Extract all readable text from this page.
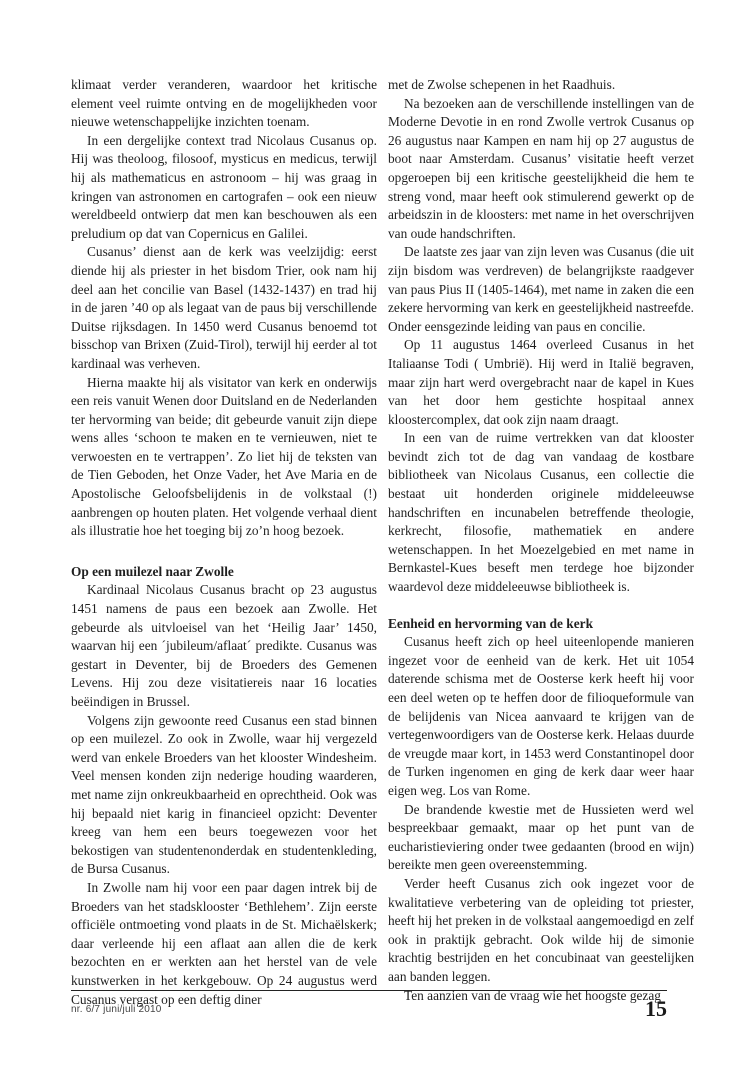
klimaat verder veranderen, waardoor het kritische element veel ruimte ontving en de mogelijkheden voor nieuwe wetenschappelijke inzichten toenam.

In een dergelijke context trad Nicolaus Cusanus op. Hij was theoloog, filosoof, mysticus en medicus, terwijl hij als mathematicus en astronoom – hij was graag in kringen van astronomen en cartografen – ook een nieuw wereldbeeld ontwierp dat men kan beschouwen als een preludium op dat van Copernicus en Galilei.

Cusanus’ dienst aan de kerk was veelzijdig: eerst diende hij als priester in het bisdom Trier, ook nam hij deel aan het concilie van Basel (1432-1437) en trad hij in de jaren ’40 op als legaat van de paus bij verschillende Duitse rijksdagen. In 1450 werd Cusanus benoemd tot bisschop van Brixen (Zuid-Tirol), terwijl hij eerder al tot kardinaal was verheven.

Hierna maakte hij als visitator van kerk en onderwijs een reis vanuit Wenen door Duitsland en de Nederlanden ter hervorming van beide; dit gebeurde vanuit zijn diepe wens alles ‘schoon te maken en te vernieuwen, niet te verwoesten en te vertrappen’. Zo liet hij de teksten van de Tien Geboden, het Onze Vader, het Ave Maria en de Apostolische Geloofsbelijdenis in de volkstaal (!) aanbrengen op houten platen. Het volgende verhaal dient als illustratie hoe het toeging bij zo’n hoog bezoek.

Op een muilezel naar Zwolle

Kardinaal Nicolaus Cusanus bracht op 23 augustus 1451 namens de paus een bezoek aan Zwolle. Het gebeurde als uitvloeisel van het ‘Heilig Jaar’ 1450, waarvan hij een ´jubileum/aflaat´ predikte. Cusanus was gestart in Deventer, bij de Broeders des Gemenen Levens. Hij zou deze visitatiereis naar 16 locaties beëindigen in Brussel.

Volgens zijn gewoonte reed Cusanus een stad binnen op een muilezel. Zo ook in Zwolle, waar hij vergezeld werd van enkele Broeders van het klooster Windesheim. Veel mensen konden zijn nederige houding waarderen, met name zijn onkreukbaarheid en oprechtheid. Ook was hij bepaald niet karig in financieel opzicht: Deventer kreeg van hem een beurs toegewezen voor het bekostigen van studentenonderdak en studentenkleding, de Bursa Cusanus.

In Zwolle nam hij voor een paar dagen intrek bij de Broeders van het stadsklooster ‘Bethlehem’. Zijn eerste officiële ontmoeting vond plaats in de St. Michaëlskerk; daar verleende hij een aflaat aan allen die de kerk bezochten en er werkten aan het herstel van de vele kunstwerken in het kerkgebouw. Op 24 augustus werd Cusanus vergast op een deftig diner

met de Zwolse schepenen in het Raadhuis.

Na bezoeken aan de verschillende instellingen van de Moderne Devotie in en rond Zwolle vertrok Cusanus op 26 augustus naar Kampen en nam hij op 27 augustus de boot naar Amsterdam. Cusanus’ visitatie heeft verzet opgeroepen bij een kritische geestelijkheid die hem te streng vond, maar heeft ook stimulerend gewerkt op de arbeidszin in de kloosters: met name in het overschrijven van oude handschriften.

De laatste zes jaar van zijn leven was Cusanus (die uit zijn bisdom was verdreven) de belangrijkste raadgever van paus Pius II (1405-1464), met name in zaken die een zekere hervorming van kerk en geestelijkheid nastreefde. Onder eensgezinde leiding van paus en concilie.

Op 11 augustus 1464 overleed Cusanus in het Italiaanse Todi ( Umbrië). Hij werd in Italië begraven, maar zijn hart werd overgebracht naar de kapel in Kues van het door hem gestichte hospitaal annex kloostercomplex, dat ook zijn naam draagt.

In een van de ruime vertrekken van dat klooster bevindt zich tot de dag van vandaag de kostbare bibliotheek van Nicolaus Cusanus, een collectie die bestaat uit honderden originele middeleeuwse handschriften en incunabelen betreffende theologie, kerkrecht, filosofie, mathematiek en andere wetenschappen. In het Moezelgebied en met name in Bernkastel-Kues beseft men terdege hoe bijzonder waardevol deze middeleeuwse bibliotheek is.

Eenheid en hervorming van de kerk

Cusanus heeft zich op heel uiteenlopende manieren ingezet voor de eenheid van de kerk. Het uit 1054 daterende schisma met de Oosterse kerk heeft hij voor een deel weten op te heffen door de filioqueformule van de belijdenis van Nicea aanvaard te krijgen van de vertegenwoordigers van de Oosterse kerk. Helaas duurde de vreugde maar kort, in 1453 werd Constantinopel door de Turken ingenomen en ging de kerk daar weer haar eigen weg. Los van Rome.

De brandende kwestie met de Hussieten werd wel bespreekbaar gemaakt, maar op het punt van de eucharistieviering onder twee gedaanten (brood en wijn) bereikte men geen overeenstemming.

Verder heeft Cusanus zich ook ingezet voor de kwalitatieve verbetering van de opleiding tot priester, heeft hij het preken in de volkstaal aangemoedigd en zelf ook in praktijk gebracht. Ook wilde hij de simonie krachtig bestrijden en het concubinaat van geestelijken aan banden leggen.

Ten aanzien van de vraag wie het hoogste gezag

nr. 6/7 juni/juli 2010	15
